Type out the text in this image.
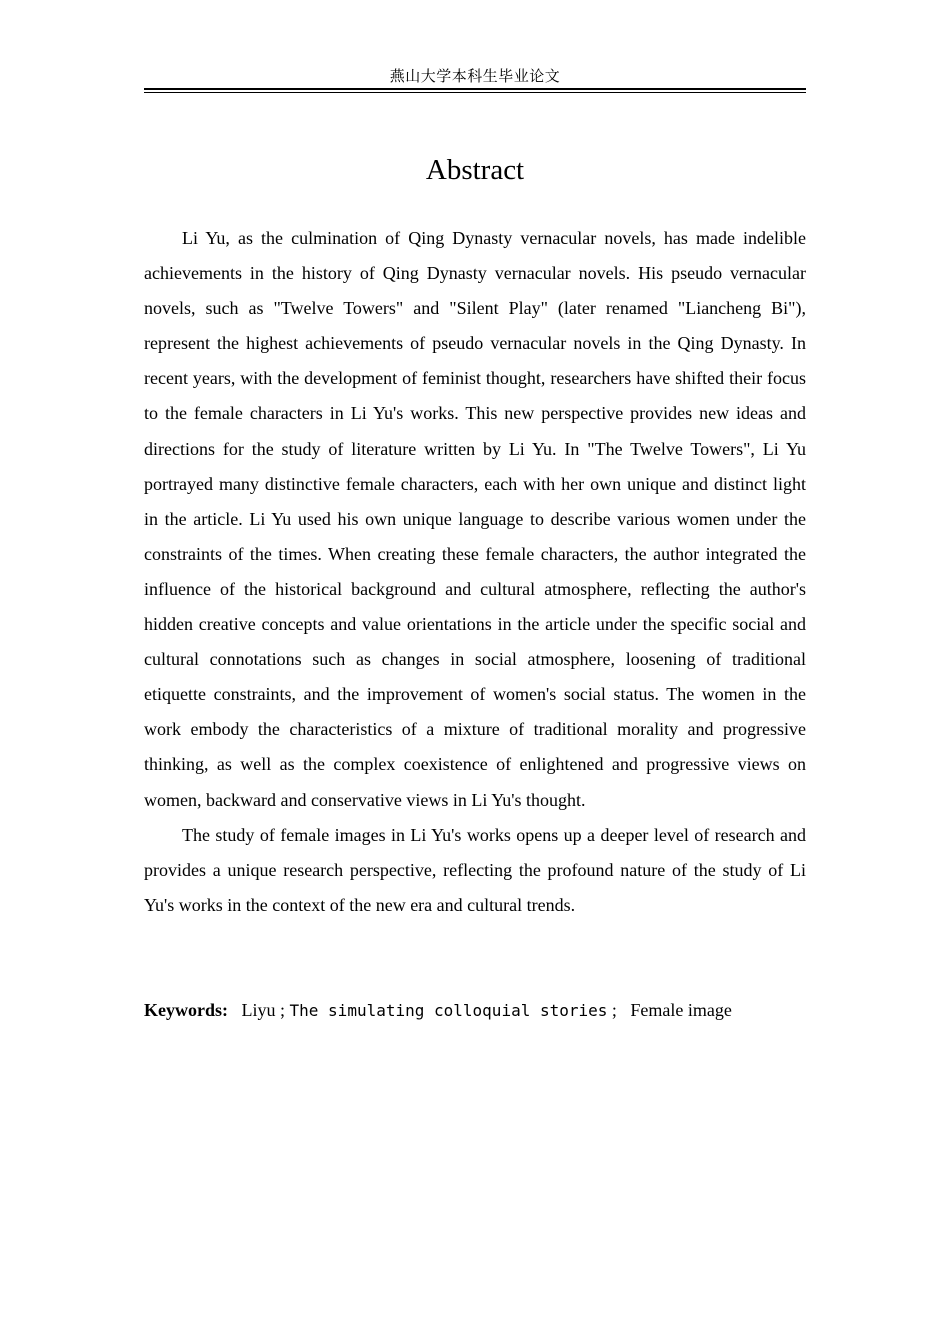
燕山大学本科生毕业论文
Abstract

Li Yu, as the culmination of Qing Dynasty vernacular novels, has made indelible achievements in the history of Qing Dynasty vernacular novels. His pseudo vernacular novels, such as "Twelve Towers" and "Silent Play" (later renamed "Liancheng Bi"), represent the highest achievements of pseudo vernacular novels in the Qing Dynasty. In recent years, with the development of feminist thought, researchers have shifted their focus to the female characters in Li Yu's works. This new perspective provides new ideas and directions for the study of literature written by Li Yu. In "The Twelve Towers", Li Yu portrayed many distinctive female characters, each with her own unique and distinct light in the article. Li Yu used his own unique language to describe various women under the constraints of the times. When creating these female characters, the author integrated the influence of the historical background and cultural atmosphere, reflecting the author's hidden creative concepts and value orientations in the article under the specific social and cultural connotations such as changes in social atmosphere, loosening of traditional etiquette constraints, and the improvement of women's social status. The women in the work embody the characteristics of a mixture of traditional morality and progressive thinking, as well as the complex coexistence of enlightened and progressive views on women, backward and conservative views in Li Yu's thought.

The study of female images in Li Yu's works opens up a deeper level of research and provides a unique research perspective, reflecting the profound nature of the study of Li Yu's works in the context of the new era and cultural trends.

Keywords: Liyu ; The simulating colloquial stories ; Female image
